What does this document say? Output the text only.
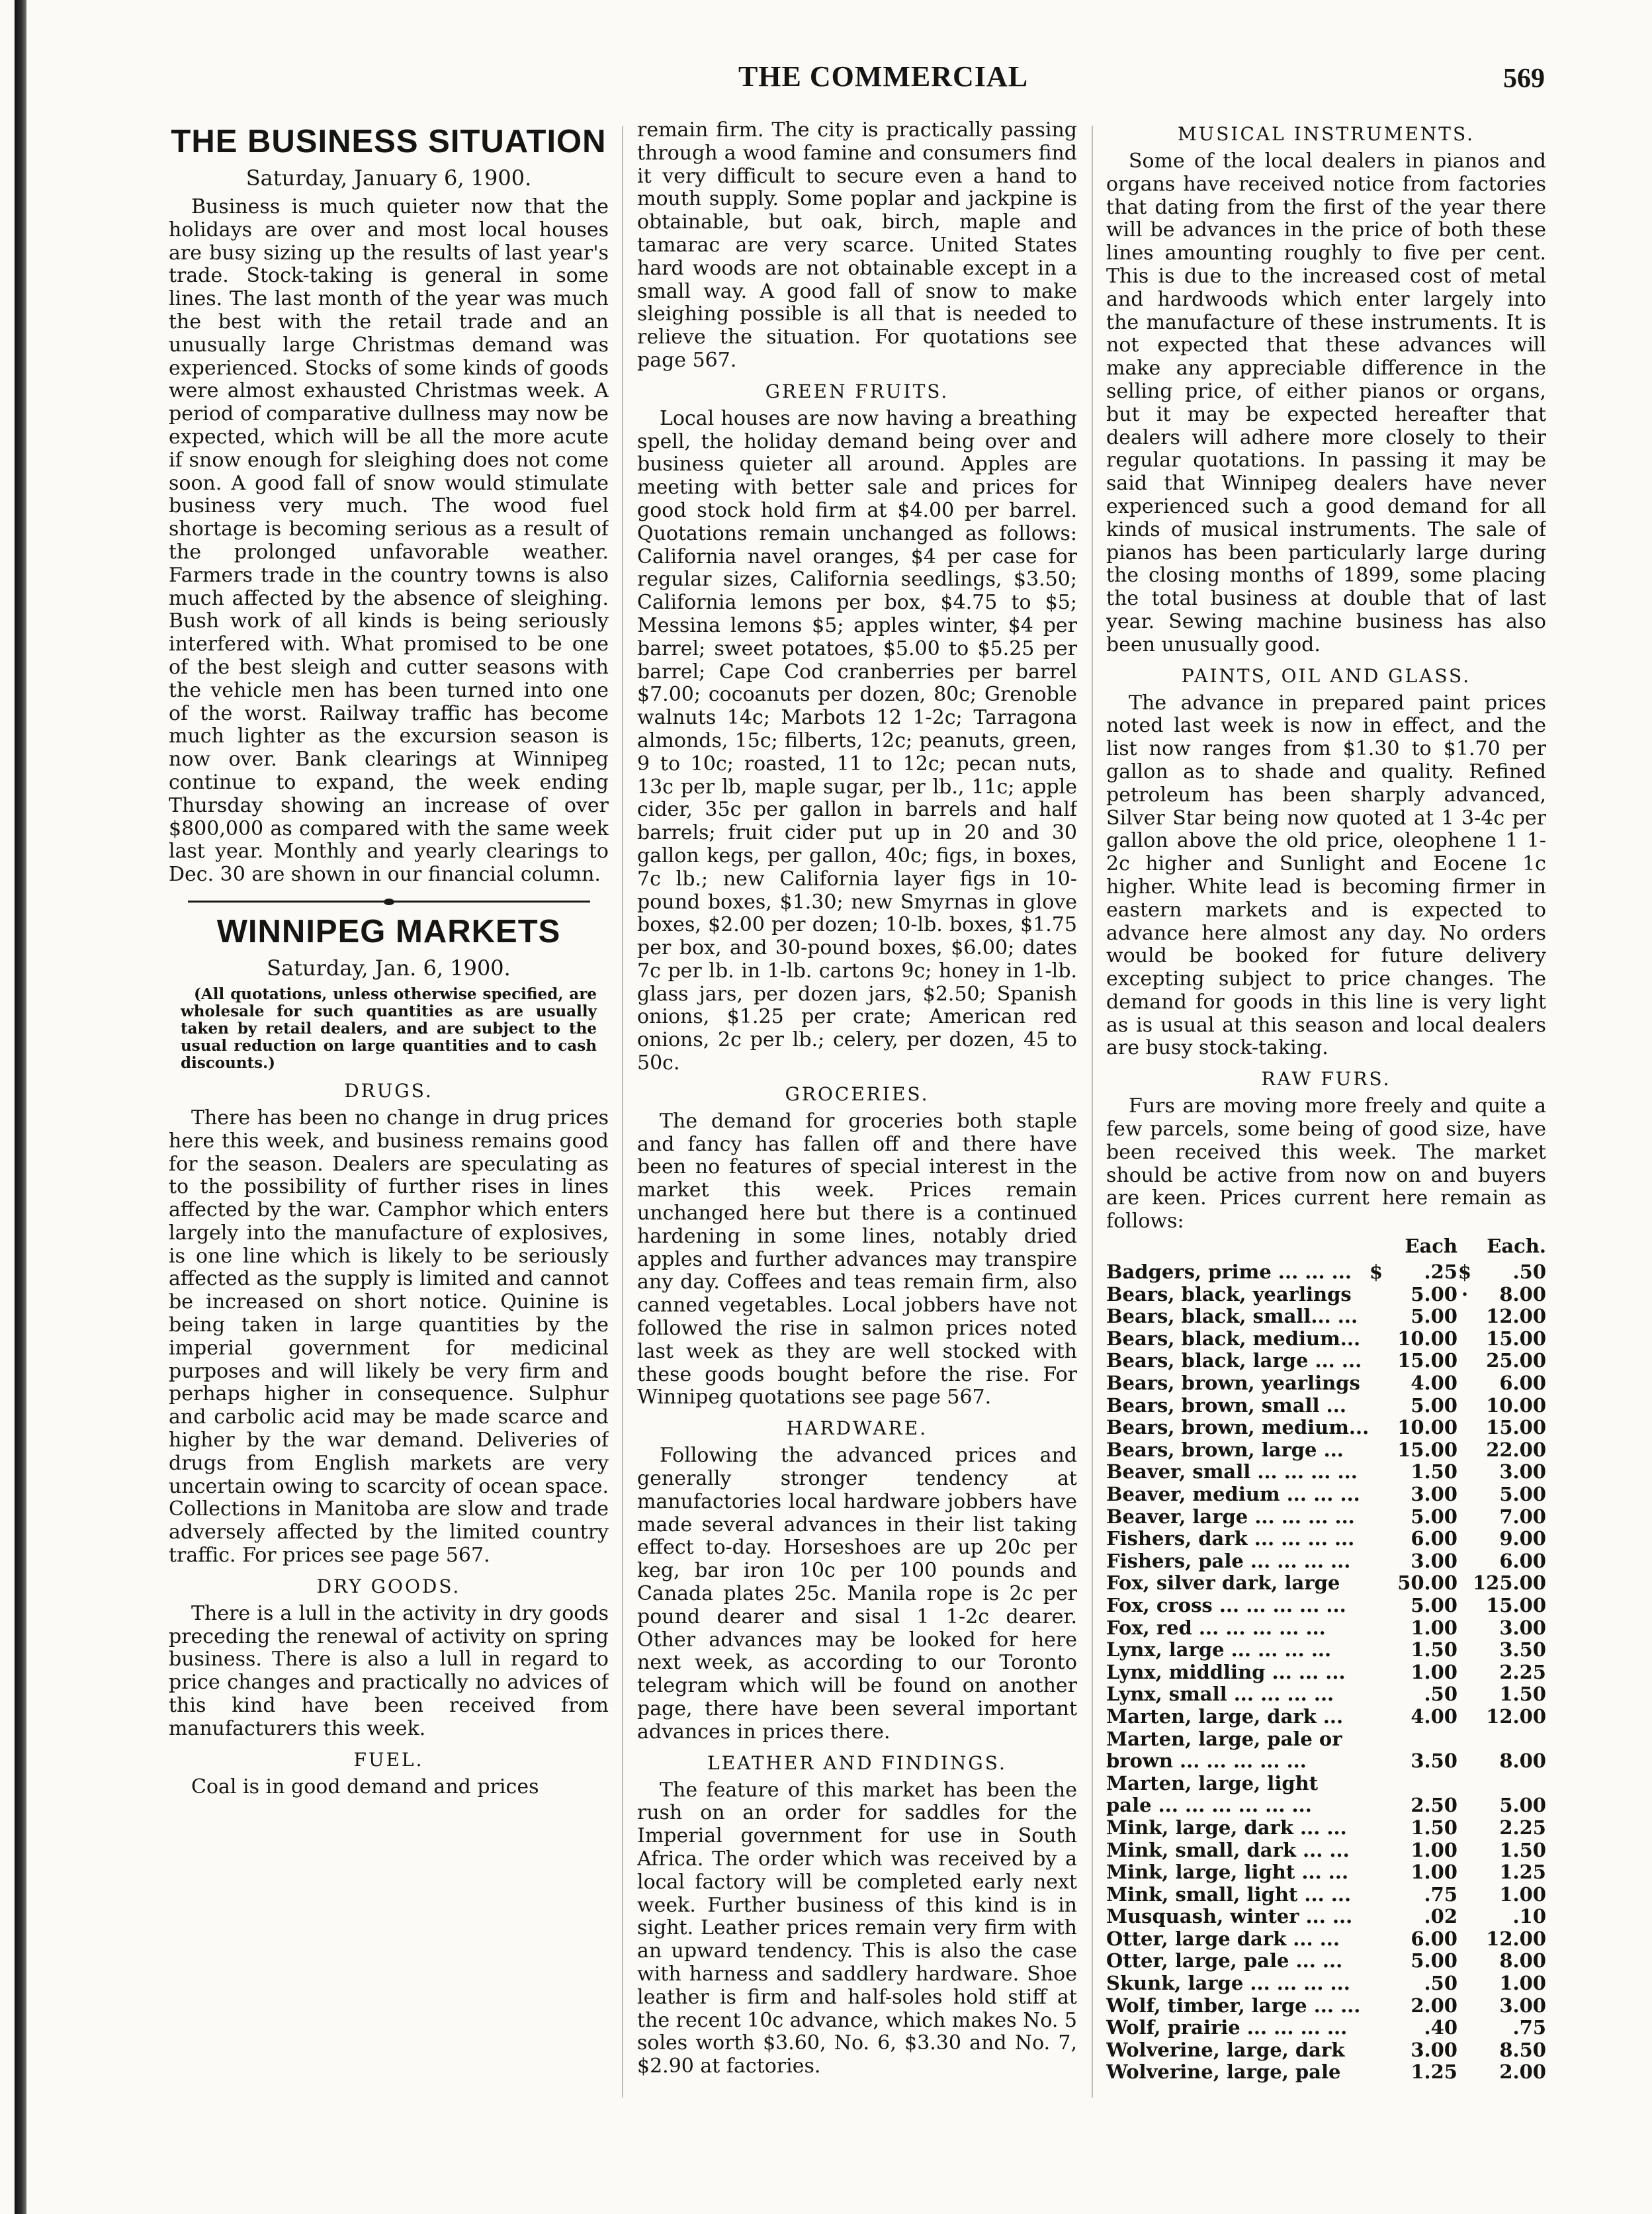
THE COMMERCIAL	569
THE BUSINESS SITUATION
Saturday, January 6, 1900.

Business is much quieter now that the holidays are over and most local houses are busy sizing up the results of last year's trade. Stock-taking is general in some lines. The last month of the year was much the best with the retail trade and an unusually large Christmas demand was experienced. Stocks of some kinds of goods were almost exhausted Christmas week. A period of comparative dullness may now be expected, which will be all the more acute if snow enough for sleighing does not come soon. A good fall of snow would stimulate business very much. The wood fuel shortage is becoming serious as a result of the prolonged unfavorable weather. Farmers trade in the country towns is also much affected by the absence of sleighing. Bush work of all kinds is being seriously interfered with. What promised to be one of the best sleigh and cutter seasons with the vehicle men has been turned into one of the worst. Railway traffic has become much lighter as the excursion season is now over. Bank clearings at Winnipeg continue to expand, the week ending Thursday showing an increase of over $800,000 as compared with the same week last year. Monthly and yearly clearings to Dec. 30 are shown in our financial column.

WINNIPEG MARKETS
Saturday, Jan. 6, 1900.

(All quotations, unless otherwise specified, are wholesale for such quantities as are usually taken by retail dealers, and are subject to the usual reduction on large quantities and to cash discounts.)

DRUGS.

There has been no change in drug prices here this week, and business remains good for the season. Dealers are speculating as to the possibility of further rises in lines affected by the war. Camphor which enters largely into the manufacture of explosives, is one line which is likely to be seriously affected as the supply is limited and cannot be increased on short notice. Quinine is being taken in large quantities by the imperial government for medicinal purposes and will likely be very firm and perhaps higher in consequence. Sulphur and carbolic acid may be made scarce and higher by the war demand. Deliveries of drugs from English markets are very uncertain owing to scarcity of ocean space. Collections in Manitoba are slow and trade adversely affected by the limited country traffic. For prices see page 567.

DRY GOODS.

There is a lull in the activity in dry goods preceding the renewal of activity on spring business. There is also a lull in regard to price changes and practically no advices of this kind have been received from manufacturers this week.

FUEL.

Coal is in good demand and prices

remain firm. The city is practically passing through a wood famine and consumers find it very difficult to secure even a hand to mouth supply. Some poplar and jackpine is obtainable, but oak, birch, maple and tamarac are very scarce. United States hard woods are not obtainable except in a small way. A good fall of snow to make sleighing possible is all that is needed to relieve the situation. For quotations see page 567.

GREEN FRUITS.

Local houses are now having a breathing spell, the holiday demand being over and business quieter all around. Apples are meeting with better sale and prices for good stock hold firm at $4.00 per barrel. Quotations remain unchanged as follows: California navel oranges, $4 per case for regular sizes, California seedlings, $3.50; California lemons per box, $4.75 to $5; Messina lemons $5; apples winter, $4 per barrel; sweet potatoes, $5.00 to $5.25 per barrel; Cape Cod cranberries per barrel $7.00; cocoanuts per dozen, 80c; Grenoble walnuts 14c; Marbots 12 1-2c; Tarragona almonds, 15c; filberts, 12c; peanuts, green, 9 to 10c; roasted, 11 to 12c; pecan nuts, 13c per lb, maple sugar, per lb., 11c; apple cider, 35c per gallon in barrels and half barrels; fruit cider put up in 20 and 30 gallon kegs, per gallon, 40c; figs, in boxes, 7c lb.; new California layer figs in 10-pound boxes, $1.30; new Smyrnas in glove boxes, $2.00 per dozen; 10-lb. boxes, $1.75 per box, and 30-pound boxes, $6.00; dates 7c per lb. in 1-lb. cartons 9c; honey in 1-lb. glass jars, per dozen jars, $2.50; Spanish onions, $1.25 per crate; American red onions, 2c per lb.; celery, per dozen, 45 to 50c.

GROCERIES.

The demand for groceries both staple and fancy has fallen off and there have been no features of special interest in the market this week. Prices remain unchanged here but there is a continued hardening in some lines, notably dried apples and further advances may transpire any day. Coffees and teas remain firm, also canned vegetables. Local jobbers have not followed the rise in salmon prices noted last week as they are well stocked with these goods bought before the rise. For Winnipeg quotations see page 567.

HARDWARE.

Following the advanced prices and generally stronger tendency at manufactories local hardware jobbers have made several advances in their list taking effect to-day. Horseshoes are up 20c per keg, bar iron 10c per 100 pounds and Canada plates 25c. Manila rope is 2c per pound dearer and sisal 1 1-2c dearer. Other advances may be looked for here next week, as according to our Toronto telegram which will be found on another page, there have been several important advances in prices there.

LEATHER AND FINDINGS.

The feature of this market has been the rush on an order for saddles for the Imperial government for use in South Africa. The order which was received by a local factory will be completed early next week. Further business of this kind is in sight. Leather prices remain very firm with an upward tendency. This is also the case with harness and saddlery hardware. Shoe leather is firm and half-soles hold stiff at the recent 10c advance, which makes No. 5 soles worth $3.60, No. 6, $3.30 and No. 7, $2.90 at factories.

MUSICAL INSTRUMENTS.

Some of the local dealers in pianos and organs have received notice from factories that dating from the first of the year there will be advances in the price of both these lines amounting roughly to five per cent. This is due to the increased cost of metal and hardwoods which enter largely into the manufacture of these instruments. It is not expected that these advances will make any appreciable difference in the selling price, of either pianos or organs, but it may be expected hereafter that dealers will adhere more closely to their regular quotations. In passing it may be said that Winnipeg dealers have never experienced such a good demand for all kinds of musical instruments. The sale of pianos has been particularly large during the closing months of 1899, some placing the total business at double that of last year. Sewing machine business has also been unusually good.

PAINTS, OIL AND GLASS.

The advance in prepared paint prices noted last week is now in effect, and the list now ranges from $1.30 to $1.70 per gallon as to shade and quality. Refined petroleum has been sharply advanced, Silver Star being now quoted at 1 3-4c per gallon above the old price, oleophene 1 1-2c higher and Sunlight and Eocene 1c higher. White lead is becoming firmer in eastern markets and is expected to advance here almost any day. No orders would be booked for future delivery excepting subject to price changes. The demand for goods in this line is very light as is usual at this season and local dealers are busy stock-taking.

RAW FURS.

Furs are moving more freely and quite a few parcels, some being of good size, have been received this week. The market should be active from now on and buyers are keen. Prices current here remain as follows:

		Each		Each.
Badgers, prime ... ... ...	$	.25	$	.50
Bears, black, yearlings		5.00	·	8.00
Bears, black, small... ...		5.00		12.00
Bears, black, medium...		10.00		15.00
Bears, black, large ... ...		15.00		25.00
Bears, brown, yearlings		4.00		6.00
Bears, brown, small ...		5.00		10.00
Bears, brown, medium...		10.00		15.00
Bears, brown, large ...		15.00		22.00
Beaver, small ... ... ... ...		1.50		3.00
Beaver, medium ... ... ...		3.00		5.00
Beaver, large ... ... ... ...		5.00		7.00
Fishers, dark ... ... ... ...		6.00		9.00
Fishers, pale ... ... ... ...		3.00		6.00
Fox, silver dark, large		50.00		125.00
Fox, cross ... ... ... ... ...		5.00		15.00
Fox, red ... ... ... ... ...		1.00		3.00
Lynx, large ... ... ... ...		1.50		3.50
Lynx, middling ... ... ...		1.00		2.25
Lynx, small ... ... ... ...		.50		1.50
Marten, large, dark ...		4.00		12.00
Marten, large, pale or				
brown ... ... ... ... ...		3.50		8.00
Marten, large, light				
pale ... ... ... ... ... ...		2.50		5.00
Mink, large, dark ... ...		1.50		2.25
Mink, small, dark ... ...		1.00		1.50
Mink, large, light ... ...		1.00		1.25
Mink, small, light ... ...		.75		1.00
Musquash, winter ... ...		.02		.10
Otter, large dark ... ...		6.00		12.00
Otter, large, pale ... ...		5.00		8.00
Skunk, large ... ... ... ...		.50		1.00
Wolf, timber, large ... ...		2.00		3.00
Wolf, prairie ... ... ... ...		.40		.75
Wolverine, large, dark		3.00		8.50
Wolverine, large, pale		1.25		2.00
